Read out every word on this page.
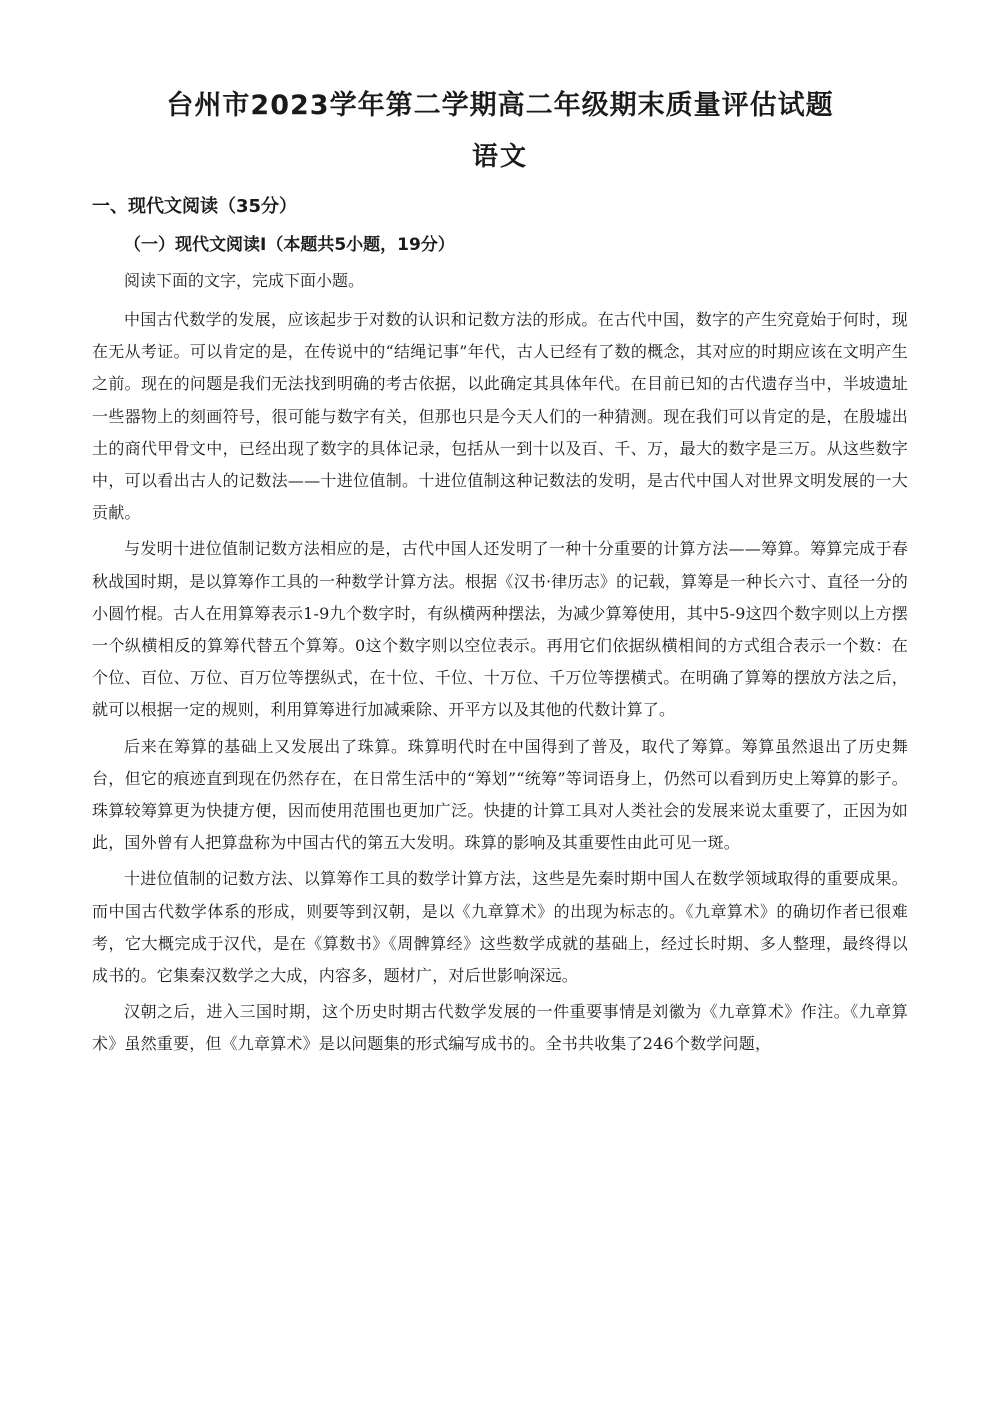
台州市2023学年第二学期高二年级期末质量评估试题
语文
一、现代文阅读（35分）
（一）现代文阅读Ⅰ（本题共5小题，19分）

阅读下面的文字，完成下面小题。

中国古代数学的发展，应该起步于对数的认识和记数方法的形成。在古代中国，数字的产生究竟始于何时，现在无从考证。可以肯定的是，在传说中的“结绳记事”年代，古人已经有了数的概念，其对应的时期应该在文明产生之前。现在的问题是我们无法找到明确的考古依据，以此确定其具体年代。在目前已知的古代遗存当中，半坡遗址一些器物上的刻画符号，很可能与数字有关，但那也只是今天人们的一种猜测。现在我们可以肯定的是，在殷墟出土的商代甲骨文中，已经出现了数字的具体记录，包括从一到十以及百、千、万，最大的数字是三万。从这些数字中，可以看出古人的记数法——十进位值制。十进位值制这种记数法的发明，是古代中国人对世界文明发展的一大贡献。

与发明十进位值制记数方法相应的是，古代中国人还发明了一种十分重要的计算方法——筹算。筹算完成于春秋战国时期，是以算筹作工具的一种数学计算方法。根据《汉书·律历志》的记载，算筹是一种长六寸、直径一分的小圆竹棍。古人在用算筹表示1-9九个数字时，有纵横两种摆法，为减少算筹使用，其中5-9这四个数字则以上方摆一个纵横相反的算筹代替五个算筹。0这个数字则以空位表示。再用它们依据纵横相间的方式组合表示一个数：在个位、百位、万位、百万位等摆纵式，在十位、千位、十万位、千万位等摆横式。在明确了算筹的摆放方法之后，就可以根据一定的规则，利用算筹进行加减乘除、开平方以及其他的代数计算了。

后来在筹算的基础上又发展出了珠算。珠算明代时在中国得到了普及，取代了筹算。筹算虽然退出了历史舞台，但它的痕迹直到现在仍然存在，在日常生活中的“筹划”“统筹”等词语身上，仍然可以看到历史上筹算的影子。珠算较筹算更为快捷方便，因而使用范围也更加广泛。快捷的计算工具对人类社会的发展来说太重要了，正因为如此，国外曾有人把算盘称为中国古代的第五大发明。珠算的影响及其重要性由此可见一斑。

十进位值制的记数方法、以算筹作工具的数学计算方法，这些是先秦时期中国人在数学领域取得的重要成果。而中国古代数学体系的形成，则要等到汉朝，是以《九章算术》的出现为标志的。《九章算术》的确切作者已很难考，它大概完成于汉代，是在《算数书》《周髀算经》这些数学成就的基础上，经过长时期、多人整理，最终得以成书的。它集秦汉数学之大成，内容多，题材广，对后世影响深远。

汉朝之后，进入三国时期，这个历史时期古代数学发展的一件重要事情是刘徽为《九章算术》作注。《九章算术》虽然重要，但《九章算术》是以问题集的形式编写成书的。全书共收集了246个数学问题，
